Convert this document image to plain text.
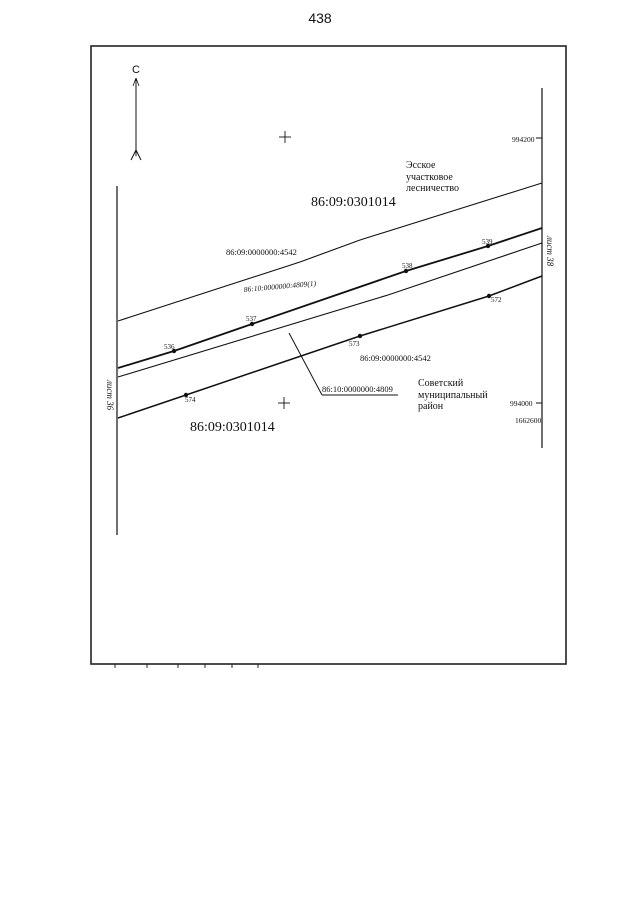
438
С
536
537
538
539
572
573
574
86:09:0301014
86:09:0301014
86:09:0000000:4542
86:09:0000000:4542
86:10:0000000:4809(1)
86:10:0000000:4809
Эсское
участковое
лесничество
Советский
муниципальный
район
лист 36
лист 38
994200
994000
1662600
